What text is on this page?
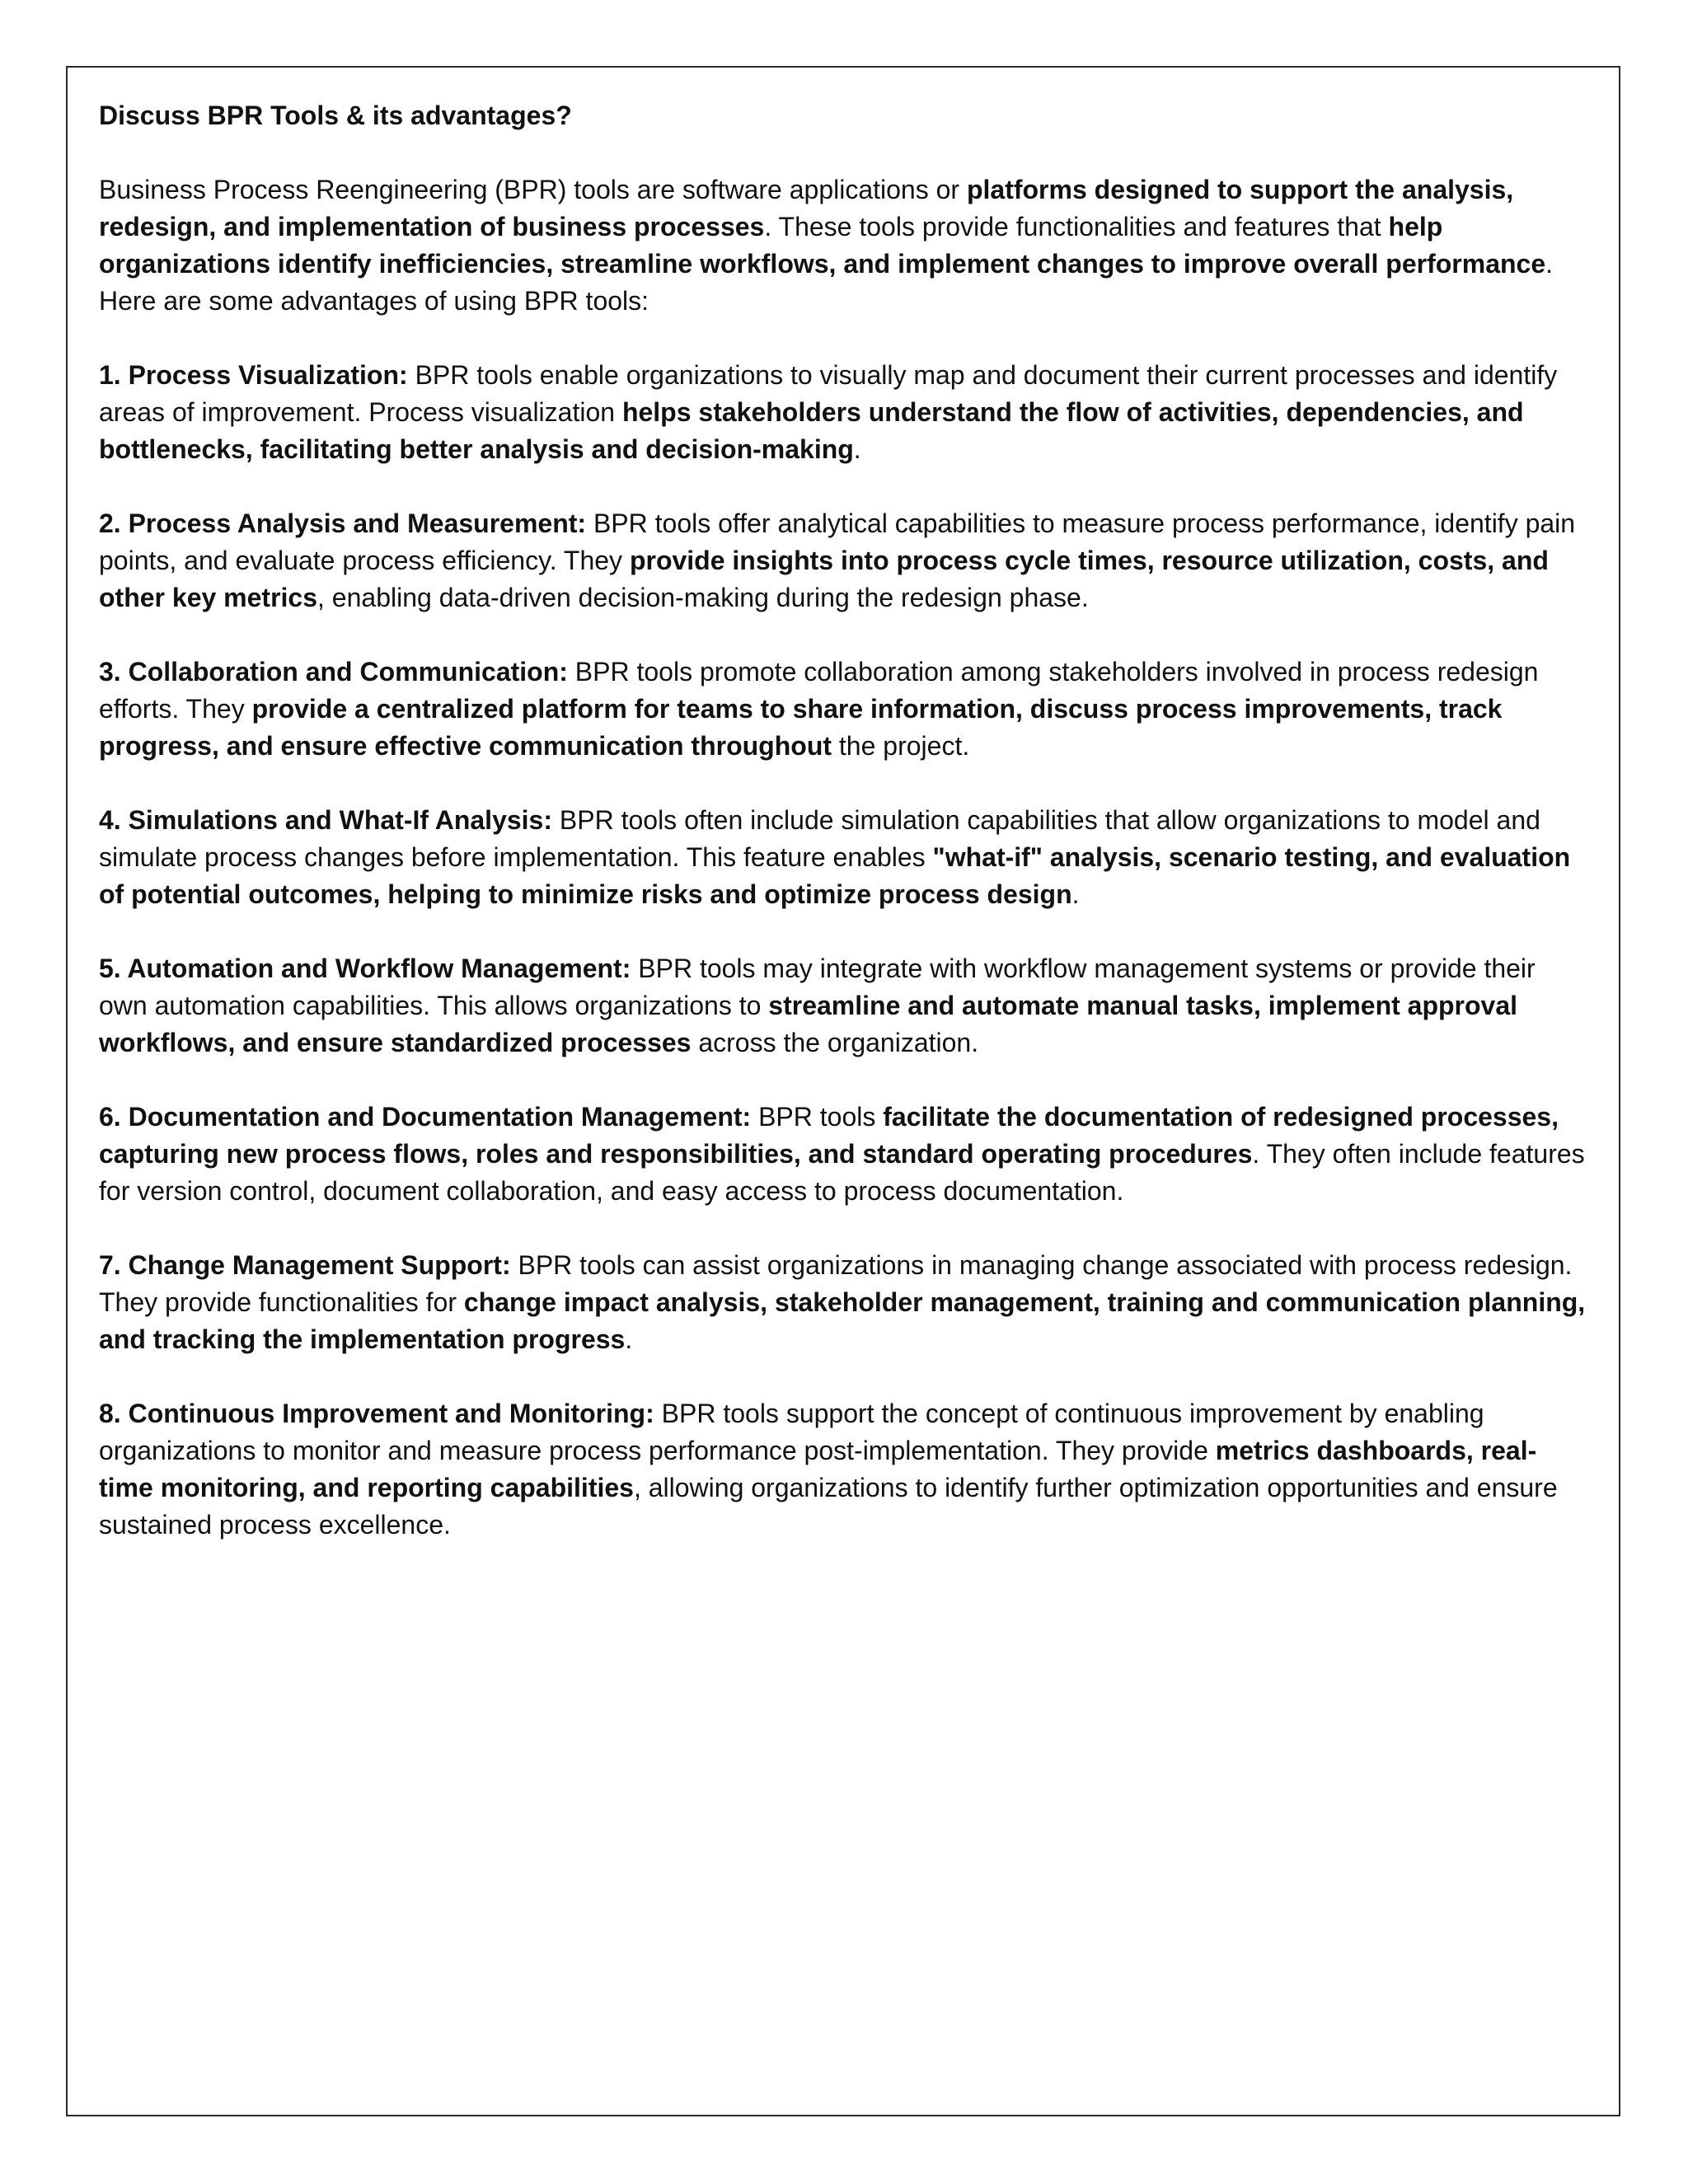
Discuss BPR Tools & its advantages?

Business Process Reengineering (BPR) tools are software applications or platforms designed to support the analysis, redesign, and implementation of business processes. These tools provide functionalities and features that help organizations identify inefficiencies, streamline workflows, and implement changes to improve overall performance. Here are some advantages of using BPR tools:

1. Process Visualization: BPR tools enable organizations to visually map and document their current processes and identify areas of improvement. Process visualization helps stakeholders understand the flow of activities, dependencies, and bottlenecks, facilitating better analysis and decision-making.

2. Process Analysis and Measurement: BPR tools offer analytical capabilities to measure process performance, identify pain points, and evaluate process efficiency. They provide insights into process cycle times, resource utilization, costs, and other key metrics, enabling data-driven decision-making during the redesign phase.

3. Collaboration and Communication: BPR tools promote collaboration among stakeholders involved in process redesign efforts. They provide a centralized platform for teams to share information, discuss process improvements, track progress, and ensure effective communication throughout the project.

4. Simulations and What-If Analysis: BPR tools often include simulation capabilities that allow organizations to model and simulate process changes before implementation. This feature enables "what-if" analysis, scenario testing, and evaluation of potential outcomes, helping to minimize risks and optimize process design.

5. Automation and Workflow Management: BPR tools may integrate with workflow management systems or provide their own automation capabilities. This allows organizations to streamline and automate manual tasks, implement approval workflows, and ensure standardized processes across the organization.

6. Documentation and Documentation Management: BPR tools facilitate the documentation of redesigned processes, capturing new process flows, roles and responsibilities, and standard operating procedures. They often include features for version control, document collaboration, and easy access to process documentation.

7. Change Management Support: BPR tools can assist organizations in managing change associated with process redesign. They provide functionalities for change impact analysis, stakeholder management, training and communication planning, and tracking the implementation progress.

8. Continuous Improvement and Monitoring: BPR tools support the concept of continuous improvement by enabling organizations to monitor and measure process performance post-implementation. They provide metrics dashboards, real-time monitoring, and reporting capabilities, allowing organizations to identify further optimization opportunities and ensure sustained process excellence.
